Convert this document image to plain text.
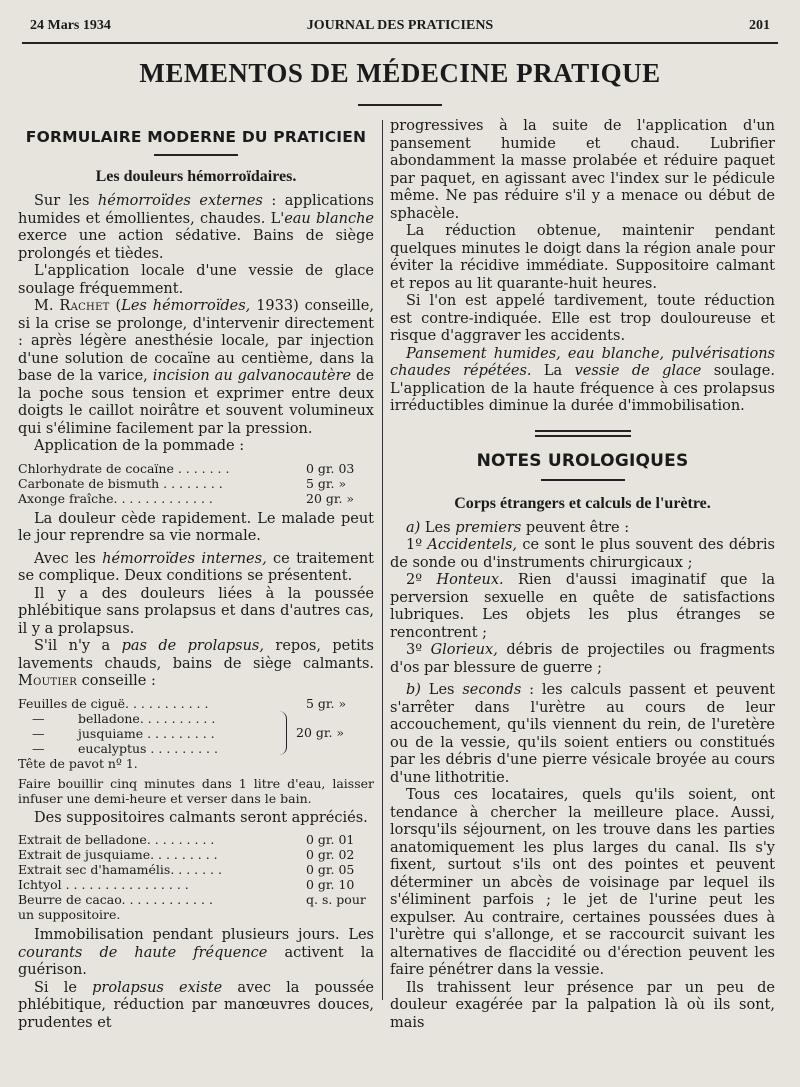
24 Mars 1934	JOURNAL DES PRATICIENS	201
MEMENTOS DE MÉDECINE PRATIQUE
FORMULAIRE MODERNE DU PRATICIEN
Les douleurs hémorroïdaires.

Sur les hémorroïdes externes : applications humides et émollientes, chaudes. L'eau blanche exerce une action sédative. Bains de siège prolongés et tièdes.

L'application locale d'une vessie de glace soulage fréquemment.

M. Rachet (Les hémorroïdes, 1933) conseille, si la crise se prolonge, d'intervenir directement : après légère anesthésie locale, par injection d'une solution de cocaïne au centième, dans la base de la varice, incision au galvanocautère de la poche sous tension et exprimer entre deux doigts le caillot noirâtre et souvent volumineux qui s'élimine facilement par la pression.

Application de la pommade :

Chlorhydrate de cocaïne . . . . . . .	0 gr. 03
Carbonate de bismuth . . . . . . . .	5 gr. »
Axonge fraîche. . . . . . . . . . . . .	20 gr. »

La douleur cède rapidement. Le malade peut le jour reprendre sa vie normale.

Avec les hémorroïdes internes, ce traitement se complique. Deux conditions se présentent.

Il y a des douleurs liées à la poussée phlébitique sans prolapsus et dans d'autres cas, il y a prolapsus.

S'il n'y a pas de prolapsus, repos, petits lavements chauds, bains de siège calmants. Moutier conseille :

Feuilles de ciguë. . . . . . . . . . .	5 gr. »
—	belladone. . . . . . . . . .
—	jusquiame . . . . . . . . .
—	eucalyptus . . . . . . . . .
20 gr. »
Tête de pavot nº 1.

Faire bouillir cinq minutes dans 1 litre d'eau, laisser infuser une demi-heure et verser dans le bain.

Des suppositoires calmants seront appréciés.

Extrait de belladone. . . . . . . . .	0 gr. 01
Extrait de jusquiame. . . . . . . . .	0 gr. 02
Extrait sec d'hamamélis. . . . . . .	0 gr. 05
Ichtyol . . . . . . . . . . . . . . . .	0 gr. 10
Beurre de cacao. . . . . . . . . . . .	q. s. pour
un suppositoire.

Immobilisation pendant plusieurs jours. Les courants de haute fréquence activent la guérison.

Si le prolapsus existe avec la poussée phlébitique, réduction par manœuvres douces, prudentes et

progressives à la suite de l'application d'un pansement humide et chaud. Lubrifier abondamment la masse prolabée et réduire paquet par paquet, en agissant avec l'index sur le pédicule même. Ne pas réduire s'il y a menace ou début de sphacèle.

La réduction obtenue, maintenir pendant quelques minutes le doigt dans la région anale pour éviter la récidive immédiate. Suppositoire calmant et repos au lit quarante-huit heures.

Si l'on est appelé tardivement, toute réduction est contre-indiquée. Elle est trop douloureuse et risque d'aggraver les accidents.

Pansement humides, eau blanche, pulvérisations chaudes répétées. La vessie de glace soulage. L'application de la haute fréquence à ces prolapsus irréductibles diminue la durée d'immobilisation.

NOTES UROLOGIQUES
Corps étrangers et calculs de l'urètre.

a) Les premiers peuvent être :

1º Accidentels, ce sont le plus souvent des débris de sonde ou d'instruments chirurgicaux ;

2º Honteux. Rien d'aussi imaginatif que la perversion sexuelle en quête de satisfactions lubriques. Les objets les plus étranges se rencontrent ;

3º Glorieux, débris de projectiles ou fragments d'os par blessure de guerre ;

b) Les seconds : les calculs passent et peuvent s'arrêter dans l'urètre au cours de leur accouchement, qu'ils viennent du rein, de l'uretère ou de la vessie, qu'ils soient entiers ou constitués par les débris d'une pierre vésicale broyée au cours d'une lithotritie.

Tous ces locataires, quels qu'ils soient, ont tendance à chercher la meilleure place. Aussi, lorsqu'ils séjournent, on les trouve dans les parties anatomiquement les plus larges du canal. Ils s'y fixent, surtout s'ils ont des pointes et peuvent déterminer un abcès de voisinage par lequel ils s'éliminent parfois ; le jet de l'urine peut les expulser. Au contraire, certaines poussées dues à l'urètre qui s'allonge, et se raccourcit suivant les alternatives de flaccidité ou d'érection peuvent les faire pénétrer dans la vessie.

Ils trahissent leur présence par un peu de douleur exagérée par la palpation là où ils sont, mais
